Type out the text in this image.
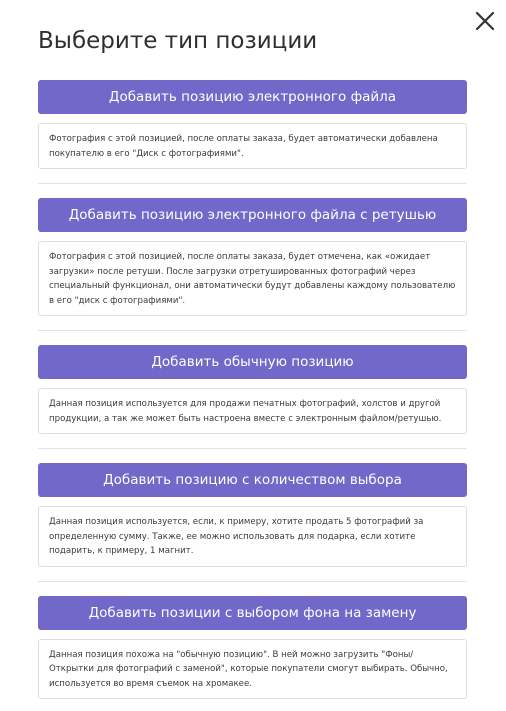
Выберите тип позиции
Добавить позицию электронного файла

Фотография с этой позицией, после оплаты заказа, будет автоматически добавлена покупателю в его "Диск с фотографиями".

Добавить позицию электронного файла с ретушью

Фотография с этой позицией, после оплаты заказа, будет отмечена, как «ожидает загрузки» после ретуши. После загрузки отретушированных фотографий через специальный функционал, они автоматически будут добавлены каждому пользователю в его "диск с фотографиями".

Добавить обычную позицию

Данная позиция используется для продажи печатных фотографий, холстов и другой продукции, а так же может быть настроена вместе с электронным файлом/ретушью.

Добавить позицию с количеством выбора

Данная позиция используется, если, к примеру, хотите продать 5 фотографий за определенную сумму. Также, ее можно использовать для подарка, если хотите подарить, к примеру, 1 магнит.

Добавить позиции с выбором фона на замену

Данная позиция похожа на "обычную позицию". В ней можно загрузить "Фоны/Открытки для фотографий с заменой", которые покупатели смогут выбирать. Обычно, используется во время съемок на хромакее.
